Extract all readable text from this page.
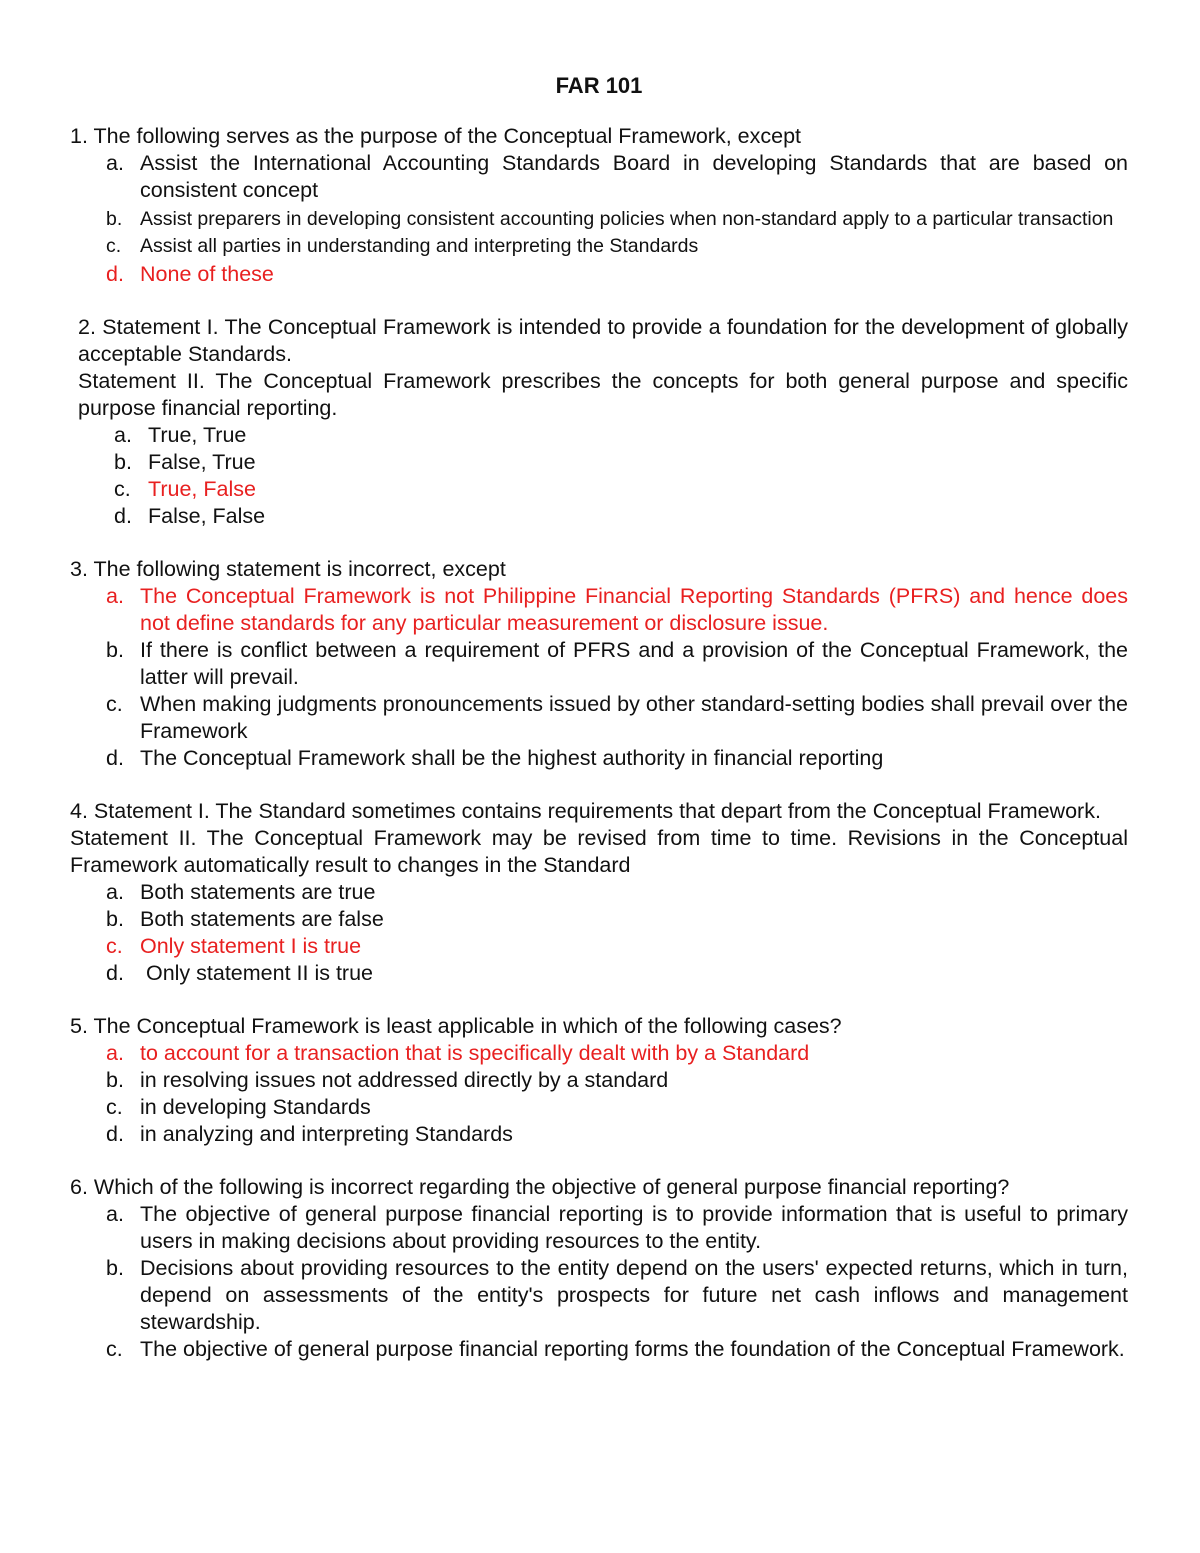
FAR 101
1. The following serves as the purpose of the Conceptual Framework, except
a. Assist the International Accounting Standards Board in developing Standards that are based on consistent concept
b. Assist preparers in developing consistent accounting policies when non-standard apply to a particular transaction
c. Assist all parties in understanding and interpreting the Standards
d. None of these
2. Statement I. The Conceptual Framework is intended to provide a foundation for the development of globally acceptable Standards.
Statement II. The Conceptual Framework prescribes the concepts for both general purpose and specific purpose financial reporting.
a. True, True
b. False, True
c. True, False
d. False, False
3. The following statement is incorrect, except
a. The Conceptual Framework is not Philippine Financial Reporting Standards (PFRS) and hence does not define standards for any particular measurement or disclosure issue.
b. If there is conflict between a requirement of PFRS and a provision of the Conceptual Framework, the latter will prevail.
c. When making judgments pronouncements issued by other standard-setting bodies shall prevail over the Framework
d. The Conceptual Framework shall be the highest authority in financial reporting
4. Statement I. The Standard sometimes contains requirements that depart from the Conceptual Framework.
Statement II. The Conceptual Framework may be revised from time to time. Revisions in the Conceptual Framework automatically result to changes in the Standard
a. Both statements are true
b. Both statements are false
c. Only statement I is true
d. Only statement II is true
5. The Conceptual Framework is least applicable in which of the following cases?
a. to account for a transaction that is specifically dealt with by a Standard
b. in resolving issues not addressed directly by a standard
c. in developing Standards
d. in analyzing and interpreting Standards
6. Which of the following is incorrect regarding the objective of general purpose financial reporting?
a. The objective of general purpose financial reporting is to provide information that is useful to primary users in making decisions about providing resources to the entity.
b. Decisions about providing resources to the entity depend on the users' expected returns, which in turn, depend on assessments of the entity's prospects for future net cash inflows and management stewardship.
c. The objective of general purpose financial reporting forms the foundation of the Conceptual Framework.
